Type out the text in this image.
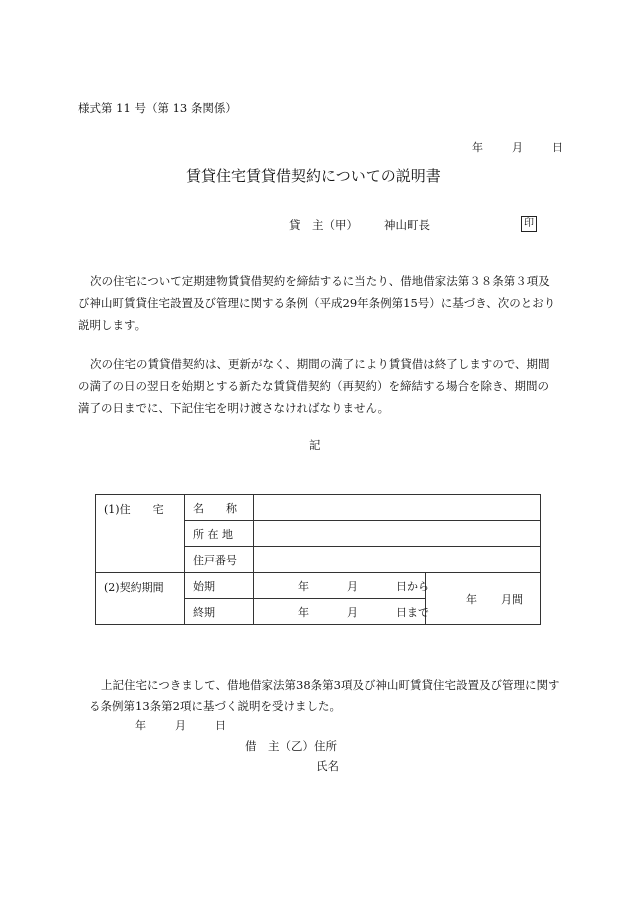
様式第 11 号（第 13 条関係）
年	月	日
賃貸住宅賃貸借契約についての説明書
貸　主（甲） 神山町長	印
次の住宅について定期建物賃貸借契約を締結するに当たり、借地借家法第３８条第３項及び神山町賃貸住宅設置及び管理に関する条例（平成29年条例第15号）に基づき、次のとおり説明します。
次の住宅の賃貸借契約は、更新がなく、期間の満了により賃貸借は終了しますので、期間の満了の日の翌日を始期とする新たな賃貸借契約（再契約）を締結する場合を除き、期間の満了の日までに、下記住宅を明け渡さなければなりません。
記
(1)住　　宅	名　　称		
	所 在 地		
	住戸番号		
(2)契約期間	始期	年 月 日から	年 月間
	終期	年 月 日まで	
上記住宅につきまして、借地借家法第38条第3項及び神山町賃貸住宅設置及び管理に関する条例第13条第2項に基づく説明を受けました。
年	月	日
借　主（乙）住所
氏名
